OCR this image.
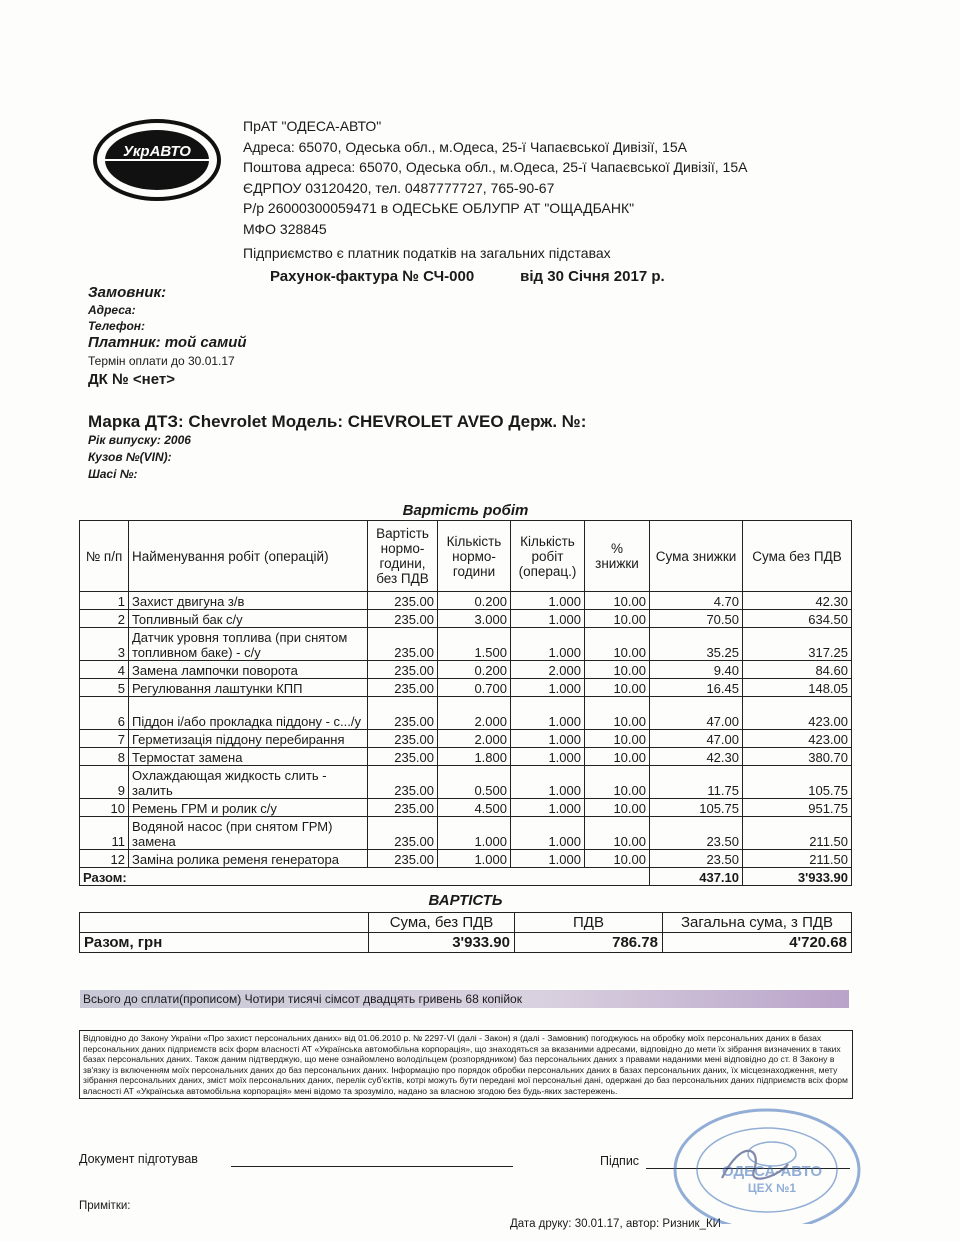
УкрАВТО
ПрАТ "ОДЕСА-АВТО"
Адреса: 65070, Одеська обл., м.Одеса, 25-ї Чапаєвської Дивізії, 15А
Поштова адреса: 65070, Одеська обл., м.Одеса, 25-ї Чапаєвської Дивізії, 15А
ЄДРПОУ 03120420, тел. 0487777727, 765-90-67
Р/р 26000300059471 в ОДЕСЬКЕ ОБЛУПР АТ "ОЩАДБАНК"
МФО 328845
Підприємство є платник податків на загальних підставах
Рахунок-фактура № СЧ-000	від 30 Січня 2017 р.
Замовник:
Адреса:
Телефон:
Платник: той самий
Термін оплати до 30.01.17
ДК № <нет>
Марка ДТЗ: Chevrolet Модель: CHEVROLET AVEO Держ. №:
Рік випуску: 2006
Кузов №(VIN):
Шасі №:
Вартість робіт
№ п/п	Найменування робіт (операцій)	Вартість нормо-години, без ПДВ	Кількість нормо-години	Кількість робіт (операц.)	% знижки	Сума знижки	Сума без ПДВ
1	Захист двигуна з/в	235.00	0.200	1.000	10.00	4.70	42.30
2	Топливный бак с/у	235.00	3.000	1.000	10.00	70.50	634.50
3	Датчик уровня топлива (при снятом топливном баке) - с/у	235.00	1.500	1.000	10.00	35.25	317.25
4	Замена лампочки поворота	235.00	0.200	2.000	10.00	9.40	84.60
5	Регулювання лаштунки КПП	235.00	0.700	1.000	10.00	16.45	148.05
6	Піддон і/або прокладка піддону - с.../у	235.00	2.000	1.000	10.00	47.00	423.00
7	Герметизація піддону перебирання	235.00	2.000	1.000	10.00	47.00	423.00
8	Термостат замена	235.00	1.800	1.000	10.00	42.30	380.70
9	Охлаждающая жидкость слить - залить	235.00	0.500	1.000	10.00	11.75	105.75
10	Ремень ГРМ и ролик с/у	235.00	4.500	1.000	10.00	105.75	951.75
11	Водяной насос (при снятом ГРМ) замена	235.00	1.000	1.000	10.00	23.50	211.50
12	Заміна ролика ременя генератора	235.00	1.000	1.000	10.00	23.50	211.50
Разом:						437.10	3'933.90
ВАРТІСТЬ
	Сума, без ПДВ	ПДВ	Загальна сума, з ПДВ
Разом, грн	3'933.90	786.78	4'720.68
Всього до сплати(прописом) Чотири тисячі сімсот двадцять гривень 68 копійок
Відповідно до Закону України «Про захист персональних даних» від 01.06.2010 р. № 2297-VI (далі - Закон) я (далі - Замовник) погоджуюсь на обробку моїх персональних даних в базах персональних даних підприємств всіх форм власності АТ «Українська автомобільна корпорація», що знаходяться за вказаними адресами, відповідно до мети їх зібрання визначених в таких базах персональних даних. Також даним підтверджую, що мене ознайомлено володільцем (розпорядником) баз персональних даних з правами наданими мені відповідно до ст. 8 Закону в зв'язку із включенням моїх персональних даних до баз персональних даних. Інформацію про порядок обробки персональних даних в базах персональних даних, їх місцезнаходження, мету зібрання персональних даних, зміст моїх персональних даних, перелік суб'єктів, котрі можуть бути передані мої персональні дані, одержані до баз персональних даних підприємств всіх форм власності АТ «Українська автомобільна корпорація» мені відомо та зрозуміло, надано за власною згодою без будь-яких застережень.
Документ підготував	Підпис
Примітки:
Дата друку: 30.01.17, автор: Ризник_КИ
ОДЕСА-АВТО
ЦЕХ №1
